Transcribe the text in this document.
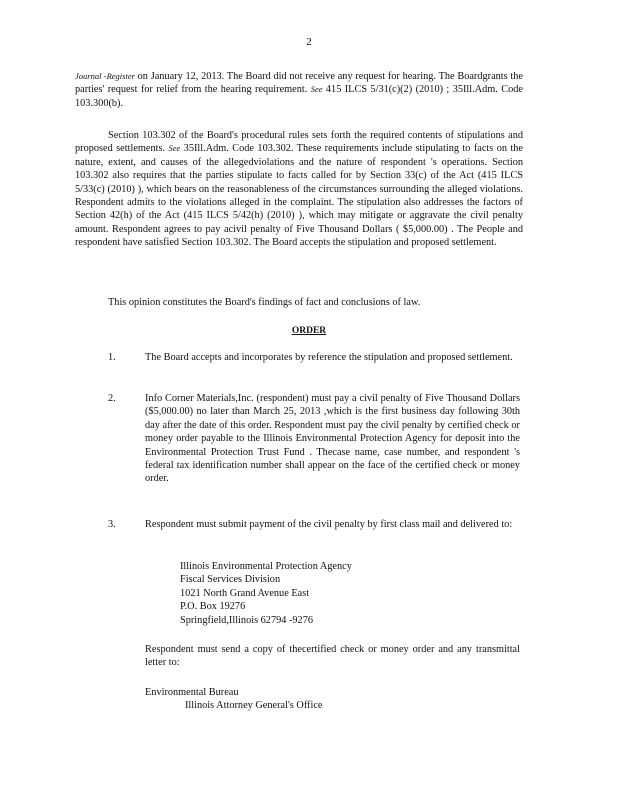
2

Journal -Register on January 12, 2013. The Board did not receive any request for hearing. The Boardgrants the parties' request for relief from the hearing requirement. See 415 ILCS 5/31(c)(2) (2010) ; 35Ill.Adm. Code 103.300(b).

Section 103.302 of the Board's procedural rules sets forth the required contents of stipulations and proposed settlements. See 35Ill.Adm. Code 103.302. These requirements include stipulating to facts on the nature, extent, and causes of the allegedviolations and the nature of respondent 's operations. Section 103.302 also requires that the parties stipulate to facts called for by Section 33(c) of the Act (415 ILCS 5/33(c) (2010) ), which bears on the reasonableness of the circumstances surrounding the alleged violations. Respondent admits to the violations alleged in the complaint. The stipulation also addresses the factors of Section 42(h) of the Act (415 ILCS 5/42(h) (2010) ), which may mitigate or aggravate the civil penalty amount. Respondent agrees to pay acivil penalty of Five Thousand Dollars ( $5,000.00) . The People and respondent have satisfied Section 103.302. The Board accepts the stipulation and proposed settlement.

This opinion constitutes the Board's findings of fact and conclusions of law.

ORDER
1.	The Board accepts and incorporates by reference the stipulation and proposed settlement.
2.	Info Corner Materials,Inc. (respondent) must pay a civil penalty of Five Thousand Dollars ($5,000.00) no later than March 25, 2013 ,which is the first business day following 30th day after the date of this order. Respondent must pay the civil penalty by certified check or money order payable to the Illinois Environmental Protection Agency for deposit into the Environmental Protection Trust Fund . Thecase name, case number, and respondent 's federal tax identification number shall appear on the face of the certified check or money order.
3.	Respondent must submit payment of the civil penalty by first class mail and delivered to:
Illinois Environmental Protection Agency
Fiscal Services Division
1021 North Grand Avenue East
P.O. Box 19276
Springfield,Illinois 62794 -9276
Respondent must send a copy of thecertified check or money order and any transmittal letter to:
Environmental Bureau
Illinois Attorney General's Office
